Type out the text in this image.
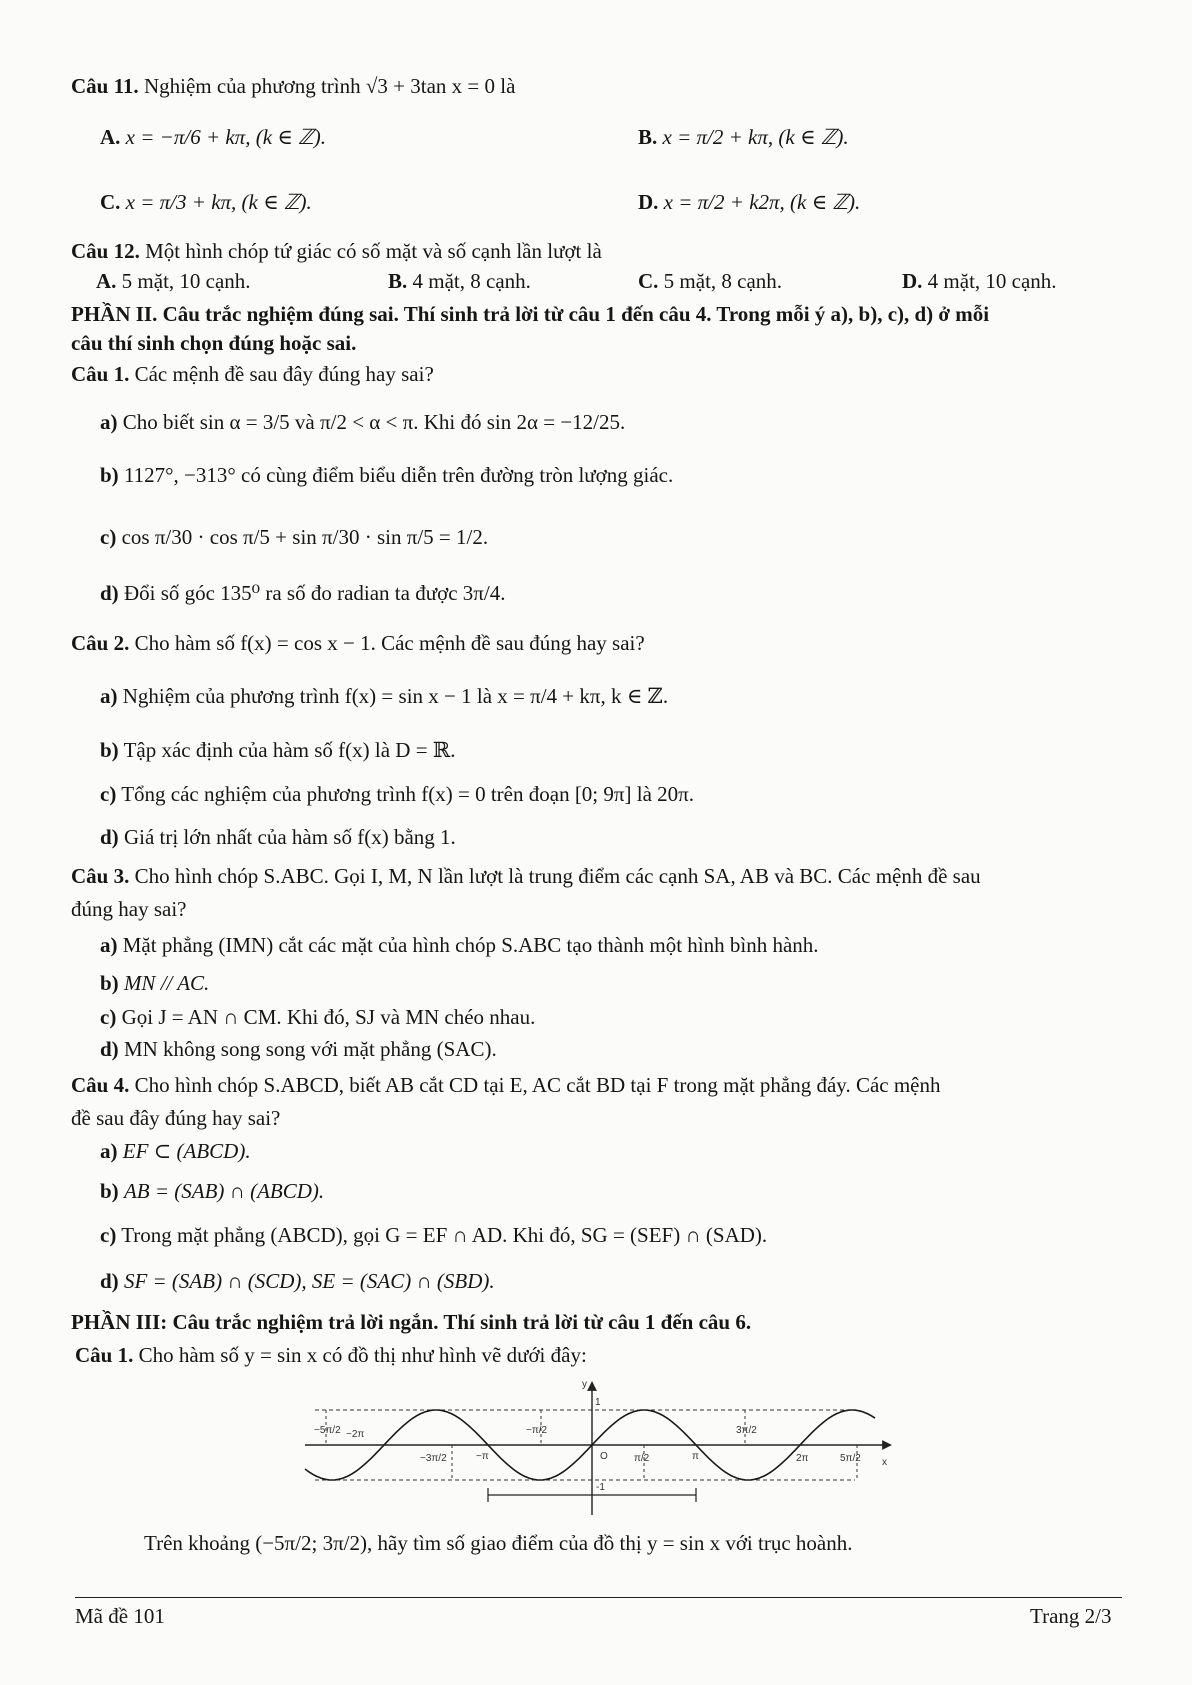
Câu 11. Nghiệm của phương trình √3 + 3tan x = 0 là
A. x = −π/6 + kπ, (k ∈ ℤ).	B. x = π/2 + kπ, (k ∈ ℤ).
C. x = π/3 + kπ, (k ∈ ℤ).	D. x = π/2 + k2π, (k ∈ ℤ).
Câu 12. Một hình chóp tứ giác có số mặt và số cạnh lần lượt là
A. 5 mặt, 10 cạnh.	B. 4 mặt, 8 cạnh.	C. 5 mặt, 8 cạnh.	D. 4 mặt, 10 cạnh.
PHẦN II. Câu trắc nghiệm đúng sai. Thí sinh trả lời từ câu 1 đến câu 4. Trong mỗi ý a), b), c), d) ở mỗi
câu thí sinh chọn đúng hoặc sai.
Câu 1. Các mệnh đề sau đây đúng hay sai?
a) Cho biết sin α = 3/5 và π/2 < α < π. Khi đó sin 2α = −12/25.
b) 1127°, −313° có cùng điểm biểu diễn trên đường tròn lượng giác.
c) cos π/30 · cos π/5 + sin π/30 · sin π/5 = 1/2.
d) Đổi số góc 135⁰ ra số đo radian ta được 3π/4.
Câu 2. Cho hàm số f(x) = cos x − 1. Các mệnh đề sau đúng hay sai?
a) Nghiệm của phương trình f(x) = sin x − 1 là x = π/4 + kπ, k ∈ ℤ.
b) Tập xác định của hàm số f(x) là D = ℝ.
c) Tổng các nghiệm của phương trình f(x) = 0 trên đoạn [0; 9π] là 20π.
d) Giá trị lớn nhất của hàm số f(x) bằng 1.
Câu 3. Cho hình chóp S.ABC. Gọi I, M, N lần lượt là trung điểm các cạnh SA, AB và BC. Các mệnh đề sau
đúng hay sai?
a) Mặt phẳng (IMN) cắt các mặt của hình chóp S.ABC tạo thành một hình bình hành.
b) MN // AC.
c) Gọi J = AN ∩ CM. Khi đó, SJ và MN chéo nhau.
d) MN không song song với mặt phẳng (SAC).
Câu 4. Cho hình chóp S.ABCD, biết AB cắt CD tại E, AC cắt BD tại F trong mặt phẳng đáy. Các mệnh
đề sau đây đúng hay sai?
a) EF ⊂ (ABCD).
b) AB = (SAB) ∩ (ABCD).
c) Trong mặt phẳng (ABCD), gọi G = EF ∩ AD. Khi đó, SG = (SEF) ∩ (SAD).
d) SF = (SAB) ∩ (SCD), SE = (SAC) ∩ (SBD).
PHẦN III: Câu trắc nghiệm trả lời ngắn. Thí sinh trả lời từ câu 1 đến câu 6.
Câu 1. Cho hàm số y = sin x có đồ thị như hình vẽ dưới đây:
y
x
O
1
-1
−5π/2 −2π
−3π/2	−π
−π/2
π/2	π
3π/2
2π	5π/2
Trên khoảng (−5π/2; 3π/2), hãy tìm số giao điểm của đồ thị y = sin x với trục hoành.
Mã đề 101	Trang 2/3
